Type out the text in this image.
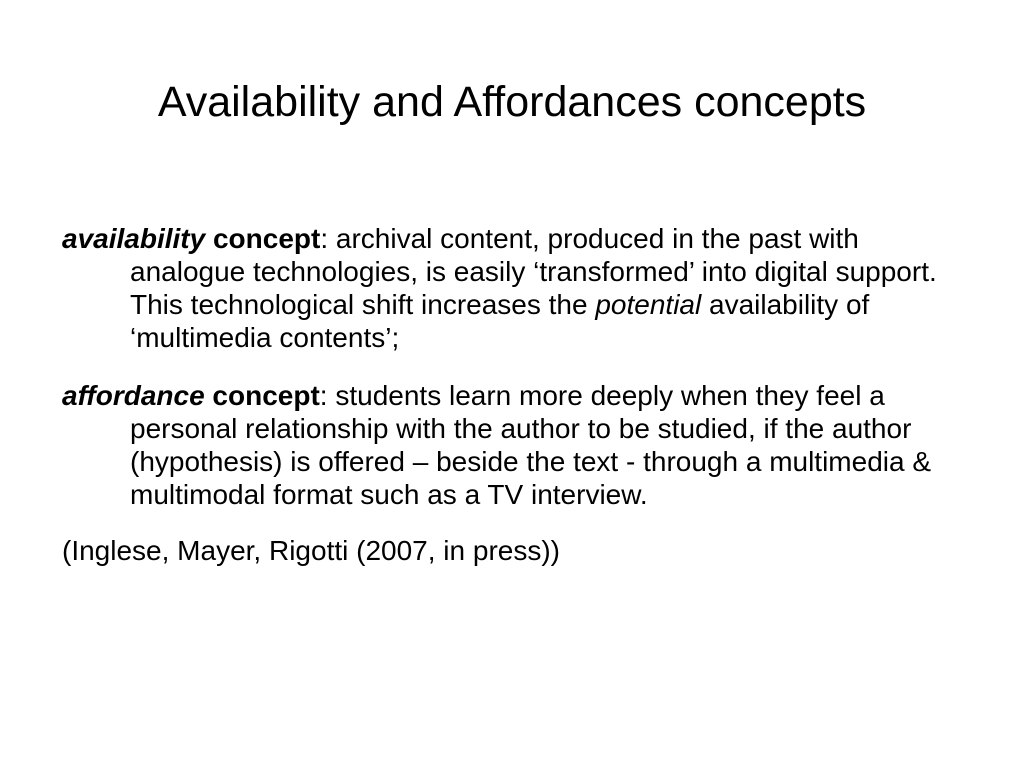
Availability and Affordances concepts

availability concept: archival content, produced in the past with analogue technologies, is easily ‘transformed’ into digital support. This technological shift increases the potential availability of ‘multimedia contents’;

affordance concept: students learn more deeply when they feel a personal relationship with the author to be studied, if the author (hypothesis) is offered – beside the text - through a multimedia & multimodal format such as a TV interview.

(Inglese, Mayer, Rigotti (2007, in press))
